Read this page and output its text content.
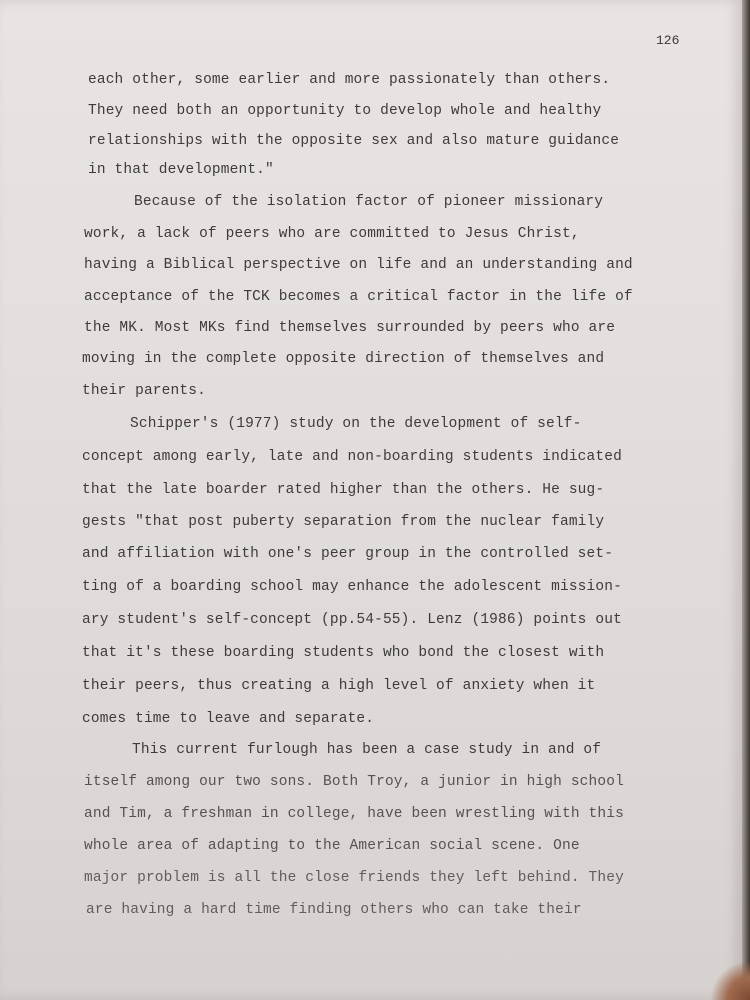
126
each other, some earlier and more passionately than others.
They need both an opportunity to develop whole and healthy
relationships with the opposite sex and also mature guidance
in that development."
Because of the isolation factor of pioneer missionary
work, a lack of peers who are committed to Jesus Christ,
having a Biblical perspective on life and an understanding and
acceptance of the TCK becomes a critical factor in the life of
the MK. Most MKs find themselves surrounded by peers who are
moving in the complete opposite direction of themselves and
their parents.
Schipper's (1977) study on the development of self-
concept among early, late and non-boarding students indicated
that the late boarder rated higher than the others. He sug-
gests "that post puberty separation from the nuclear family
and affiliation with one's peer group in the controlled set-
ting of a boarding school may enhance the adolescent mission-
ary student's self-concept (pp.54-55). Lenz (1986) points out
that it's these boarding students who bond the closest with
their peers, thus creating a high level of anxiety when it
comes time to leave and separate.
This current furlough has been a case study in and of
itself among our two sons. Both Troy, a junior in high school
and Tim, a freshman in college, have been wrestling with this
whole area of adapting to the American social scene. One
major problem is all the close friends they left behind. They
are having a hard time finding others who can take their
